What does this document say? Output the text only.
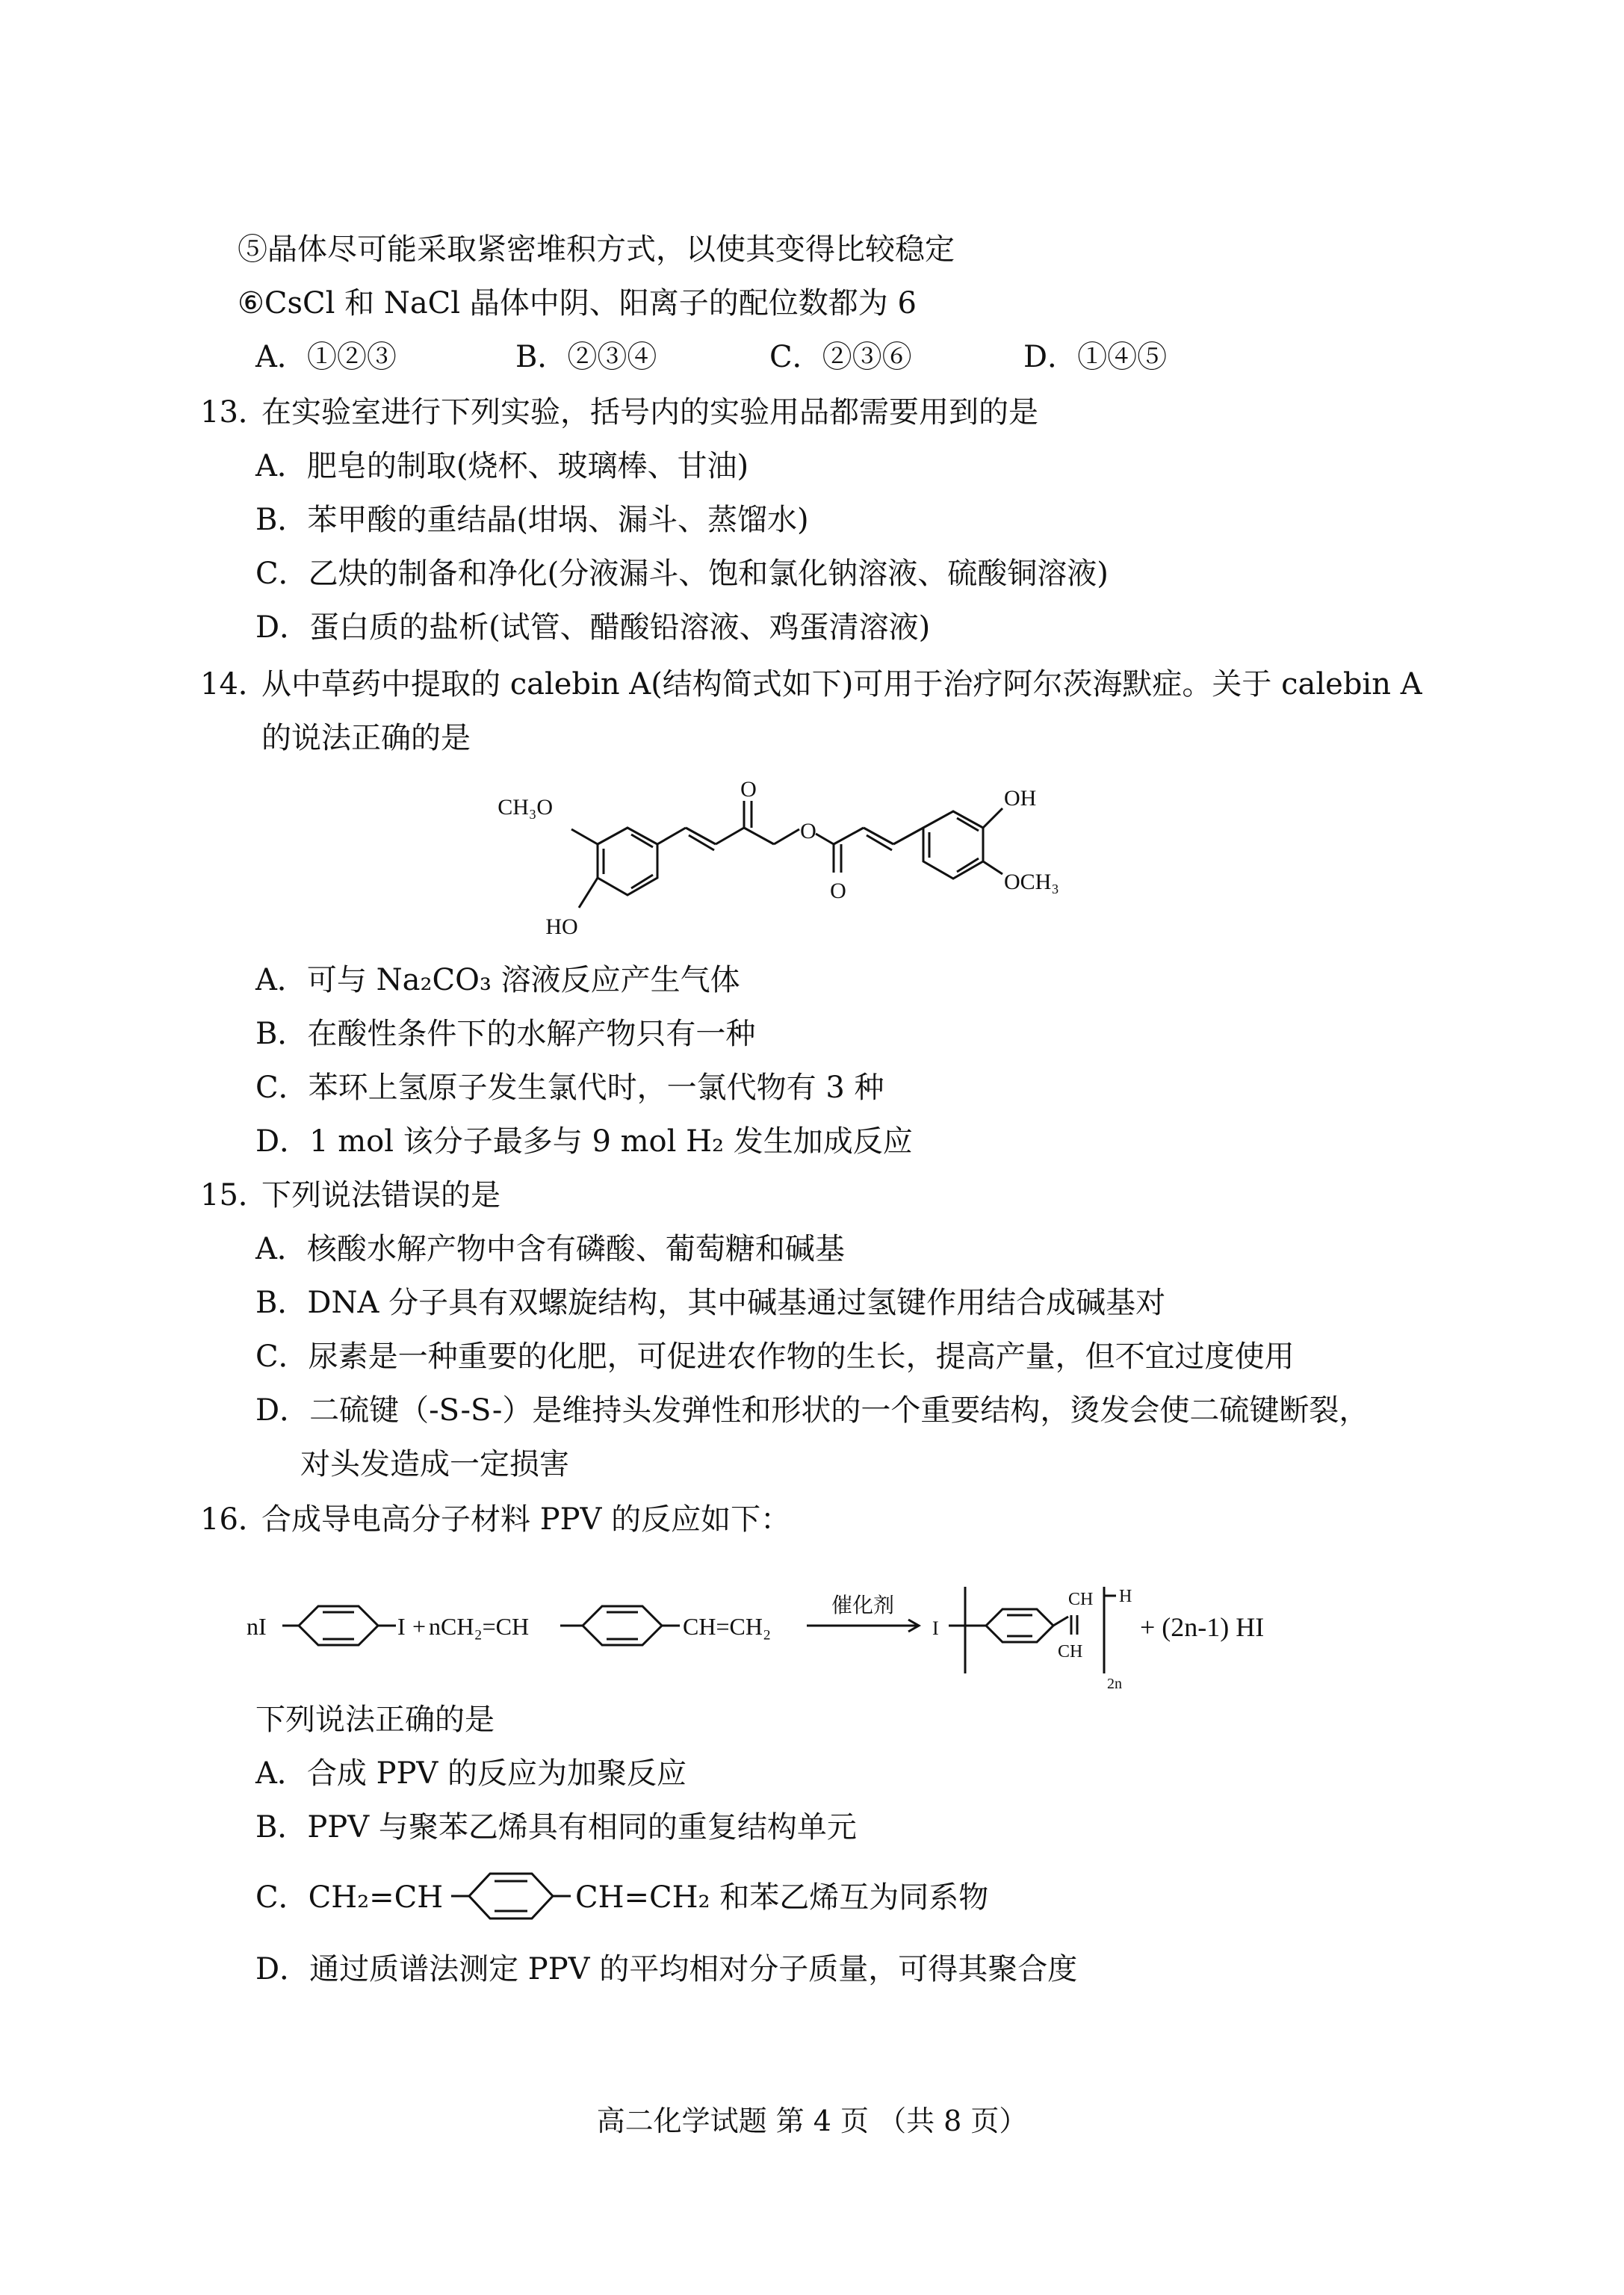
⑤晶体尽可能采取紧密堆积方式，以使其变得比较稳定
⑥CsCl 和 NaCl 晶体中阴、阳离子的配位数都为 6
A．①②③	B．②③④	C．②③⑥	D．①④⑤
13．
在实验室进行下列实验，括号内的实验用品都需要用到的是
A．肥皂的制取(烧杯、玻璃棒、甘油)
B．苯甲酸的重结晶(坩埚、漏斗、蒸馏水)
C．乙炔的制备和净化(分液漏斗、饱和氯化钠溶液、硫酸铜溶液)
D．蛋白质的盐析(试管、醋酸铅溶液、鸡蛋清溶液)
14．
从中草药中提取的 calebin A(结构简式如下)可用于治疗阿尔茨海默症。关于 calebin A
的说法正确的是
CH₃O
HO
O
O
O
OH
OCH₃
A．可与 Na₂CO₃ 溶液反应产生气体
B．在酸性条件下的水解产物只有一种
C．苯环上氢原子发生氯代时，一氯代物有 3 种
D．1 mol 该分子最多与 9 mol H₂ 发生加成反应
15．
下列说法错误的是
A．核酸水解产物中含有磷酸、葡萄糖和碱基
B．DNA 分子具有双螺旋结构，其中碱基通过氢键作用结合成碱基对
C．尿素是一种重要的化肥，可促进农作物的生长，提高产量，但不宜过度使用
D．二硫键（-S-S-）是维持头发弹性和形状的一个重要结构，烫发会使二硫键断裂，
对头发造成一定损害
16．
合成导电高分子材料 PPV 的反应如下：
nI	I + nCH₂=CH	CH=CH₂
催化剂
I
CH
CH
H
2n
+ (2n-1) HI
下列说法正确的是
A．合成 PPV 的反应为加聚反应
B．PPV 与聚苯乙烯具有相同的重复结构单元
C．CH₂=CH	CH=CH₂ 和苯乙烯互为同系物
D．通过质谱法测定 PPV 的平均相对分子质量，可得其聚合度
高二化学试题 第 4 页 （共 8 页）
